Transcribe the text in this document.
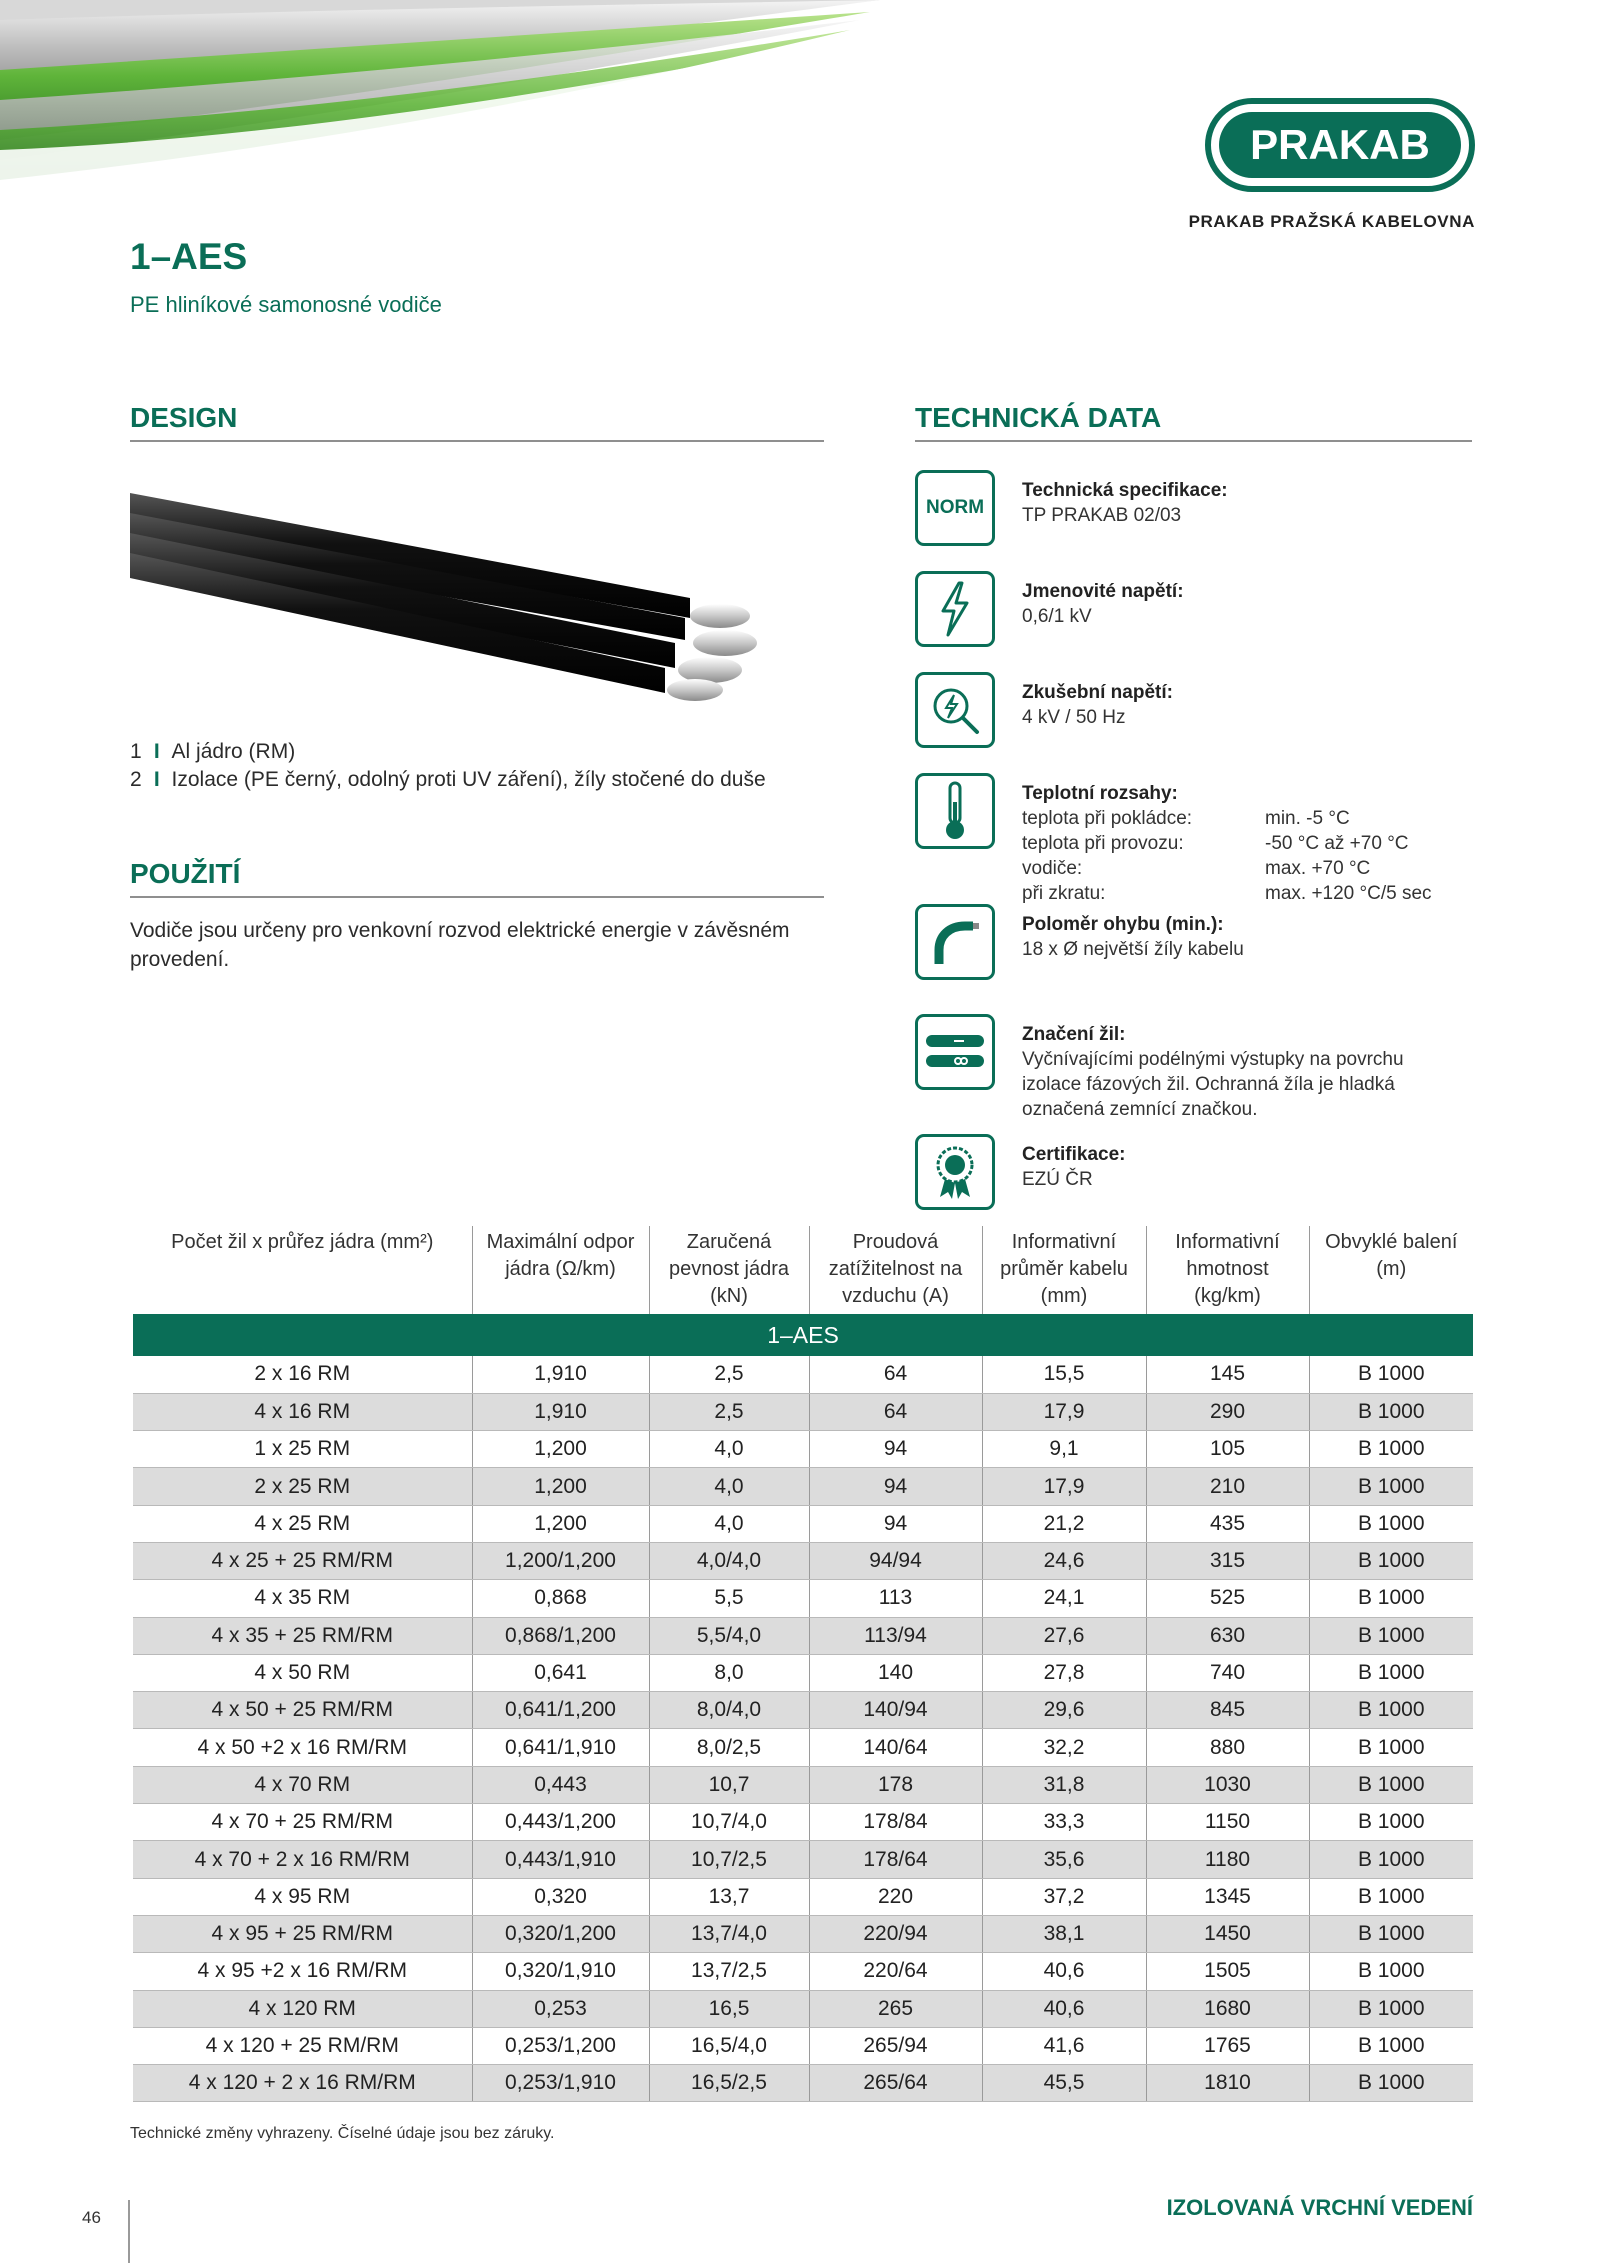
PRAKAB
PRAKAB PRAŽSKÁ KABELOVNA
1–AES
PE hliníkové samonosné vodiče
DESIGN
1 I Al jádro (RM)
2 I Izolace (PE černý, odolný proti UV záření), žíly stočené do duše
POUŽITÍ
Vodiče jsou určeny pro venkovní rozvod elektrické energie v závěsném provedení.
TECHNICKÁ DATA
NORM
Technická specifikace:
TP PRAKAB 02/03
Jmenovité napětí:
0,6/1 kV
Zkušební napětí:
4 kV / 50 Hz
Teplotní rozsahy:
teplota při pokládce:	min. -5 °C
teplota při provozu:	-50 °C až +70 °C
vodiče:	max. +70 °C
při zkratu:	max. +120 °C/5 sec
Poloměr ohybu (min.):
18 x Ø největší žíly kabelu
Značení žil:
Vyčnívajícími podélnými výstupky na povrchu izolace fázových žil. Ochranná žíla je hladká označená zemnící značkou.
Certifikace:
EZÚ ČR
Počet žil x průřez jádra (mm²)	Maximální odpor jádra (Ω/km)	Zaručená pevnost jádra (kN)	Proudová zatížitelnost na vzduchu (A)	Informativní průměr kabelu (mm)	Informativní hmotnost (kg/km)	Obvyklé balení (m)
1–AES						
2 x 16 RM	1,910	2,5	64	15,5	145	B 1000
4 x 16 RM	1,910	2,5	64	17,9	290	B 1000
1 x 25 RM	1,200	4,0	94	9,1	105	B 1000
2 x 25 RM	1,200	4,0	94	17,9	210	B 1000
4 x 25 RM	1,200	4,0	94	21,2	435	B 1000
4 x 25 + 25 RM/RM	1,200/1,200	4,0/4,0	94/94	24,6	315	B 1000
4 x 35 RM	0,868	5,5	113	24,1	525	B 1000
4 x 35 + 25 RM/RM	0,868/1,200	5,5/4,0	113/94	27,6	630	B 1000
4 x 50 RM	0,641	8,0	140	27,8	740	B 1000
4 x 50 + 25 RM/RM	0,641/1,200	8,0/4,0	140/94	29,6	845	B 1000
4 x 50 +2 x 16 RM/RM	0,641/1,910	8,0/2,5	140/64	32,2	880	B 1000
4 x 70 RM	0,443	10,7	178	31,8	1030	B 1000
4 x 70 + 25 RM/RM	0,443/1,200	10,7/4,0	178/84	33,3	1150	B 1000
4 x 70 + 2 x 16 RM/RM	0,443/1,910	10,7/2,5	178/64	35,6	1180	B 1000
4 x 95 RM	0,320	13,7	220	37,2	1345	B 1000
4 x 95 + 25 RM/RM	0,320/1,200	13,7/4,0	220/94	38,1	1450	B 1000
4 x 95 +2 x 16 RM/RM	0,320/1,910	13,7/2,5	220/64	40,6	1505	B 1000
4 x 120 RM	0,253	16,5	265	40,6	1680	B 1000
4 x 120 + 25 RM/RM	0,253/1,200	16,5/4,0	265/94	41,6	1765	B 1000
4 x 120 + 2 x 16 RM/RM	0,253/1,910	16,5/2,5	265/64	45,5	1810	B 1000
Technické změny vyhrazeny. Číselné údaje jsou bez záruky.
46	IZOLOVANÁ VRCHNÍ VEDENÍ
